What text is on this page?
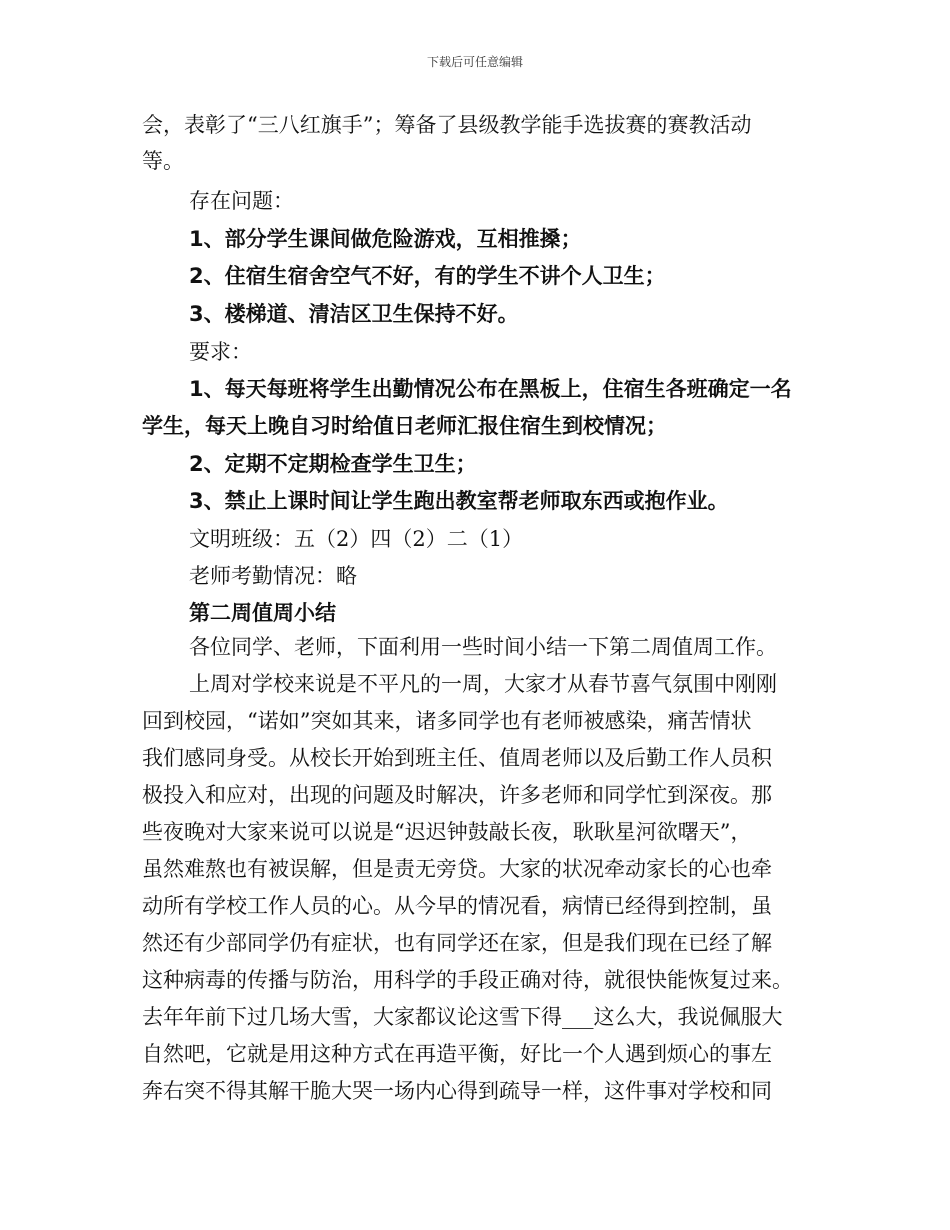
下载后可任意编辑
会，表彰了“三八红旗手”；筹备了县级教学能手选拔赛的赛教活动
等。
存在问题：
1、部分学生课间做危险游戏，互相推搡；
2、住宿生宿舍空气不好，有的学生不讲个人卫生；
3、楼梯道、清洁区卫生保持不好。
要求：
1、每天每班将学生出勤情况公布在黑板上，住宿生各班确定一名
学生，每天上晚自习时给值日老师汇报住宿生到校情况；
2、定期不定期检查学生卫生；
3、禁止上课时间让学生跑出教室帮老师取东西或抱作业。
文明班级：五（2）四（2）二（1）
老师考勤情况：略
第二周值周小结
各位同学、老师，下面利用一些时间小结一下第二周值周工作。
上周对学校来说是不平凡的一周，大家才从春节喜气氛围中刚刚
回到校园，“诺如”突如其来，诸多同学也有老师被感染，痛苦情状
我们感同身受。从校长开始到班主任、值周老师以及后勤工作人员积
极投入和应对，出现的问题及时解决，许多老师和同学忙到深夜。那
些夜晚对大家来说可以说是“迟迟钟鼓敲长夜，耿耿星河欲曙天”，
虽然难熬也有被误解，但是责无旁贷。大家的状况牵动家长的心也牵
动所有学校工作人员的心。从今早的情况看，病情已经得到控制，虽
然还有少部同学仍有症状，也有同学还在家，但是我们现在已经了解
这种病毒的传播与防治，用科学的手段正确对待，就很快能恢复过来。
去年年前下过几场大雪，大家都议论这雪下得___这么大，我说佩服大
自然吧，它就是用这种方式在再造平衡，好比一个人遇到烦心的事左
奔右突不得其解干脆大哭一场内心得到疏导一样，这件事对学校和同
